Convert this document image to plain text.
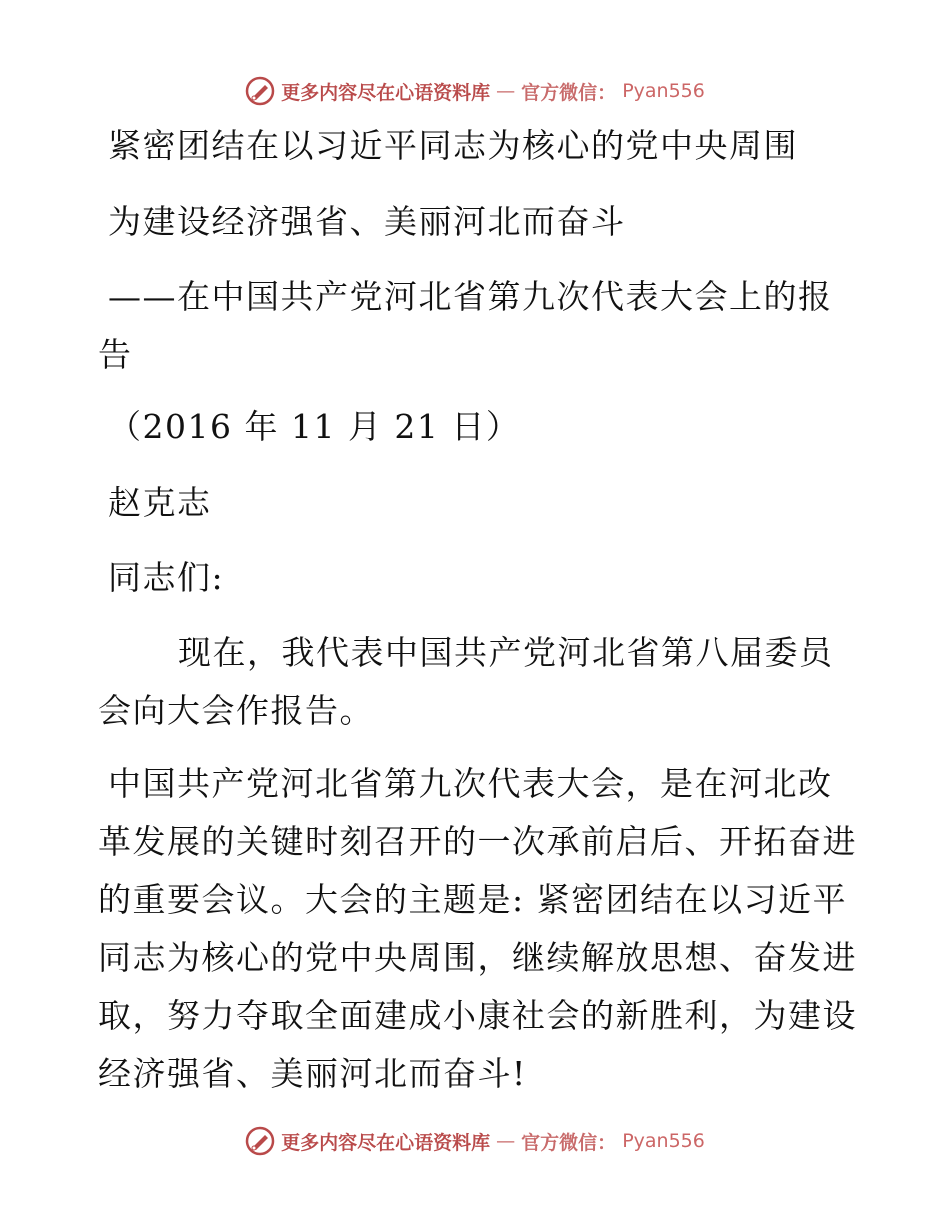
更多内容尽在心语资料库 — 官方微信： Pyan556
紧密团结在以习近平同志为核心的党中央周围
为建设经济强省、美丽河北而奋斗
——在中国共产党河北省第九次代表大会上的报
告
（2016 年 11 月 21 日）
赵克志
同志们:
现在，我代表中国共产党河北省第八届委员
会向大会作报告。
中国共产党河北省第九次代表大会，是在河北改
革发展的关键时刻召开的一次承前启后、开拓奋进
的重要会议。大会的主题是: 紧密团结在以习近平
同志为核心的党中央周围，继续解放思想、奋发进
取，努力夺取全面建成小康社会的新胜利，为建设
经济强省、美丽河北而奋斗!
更多内容尽在心语资料库 — 官方微信： Pyan556
